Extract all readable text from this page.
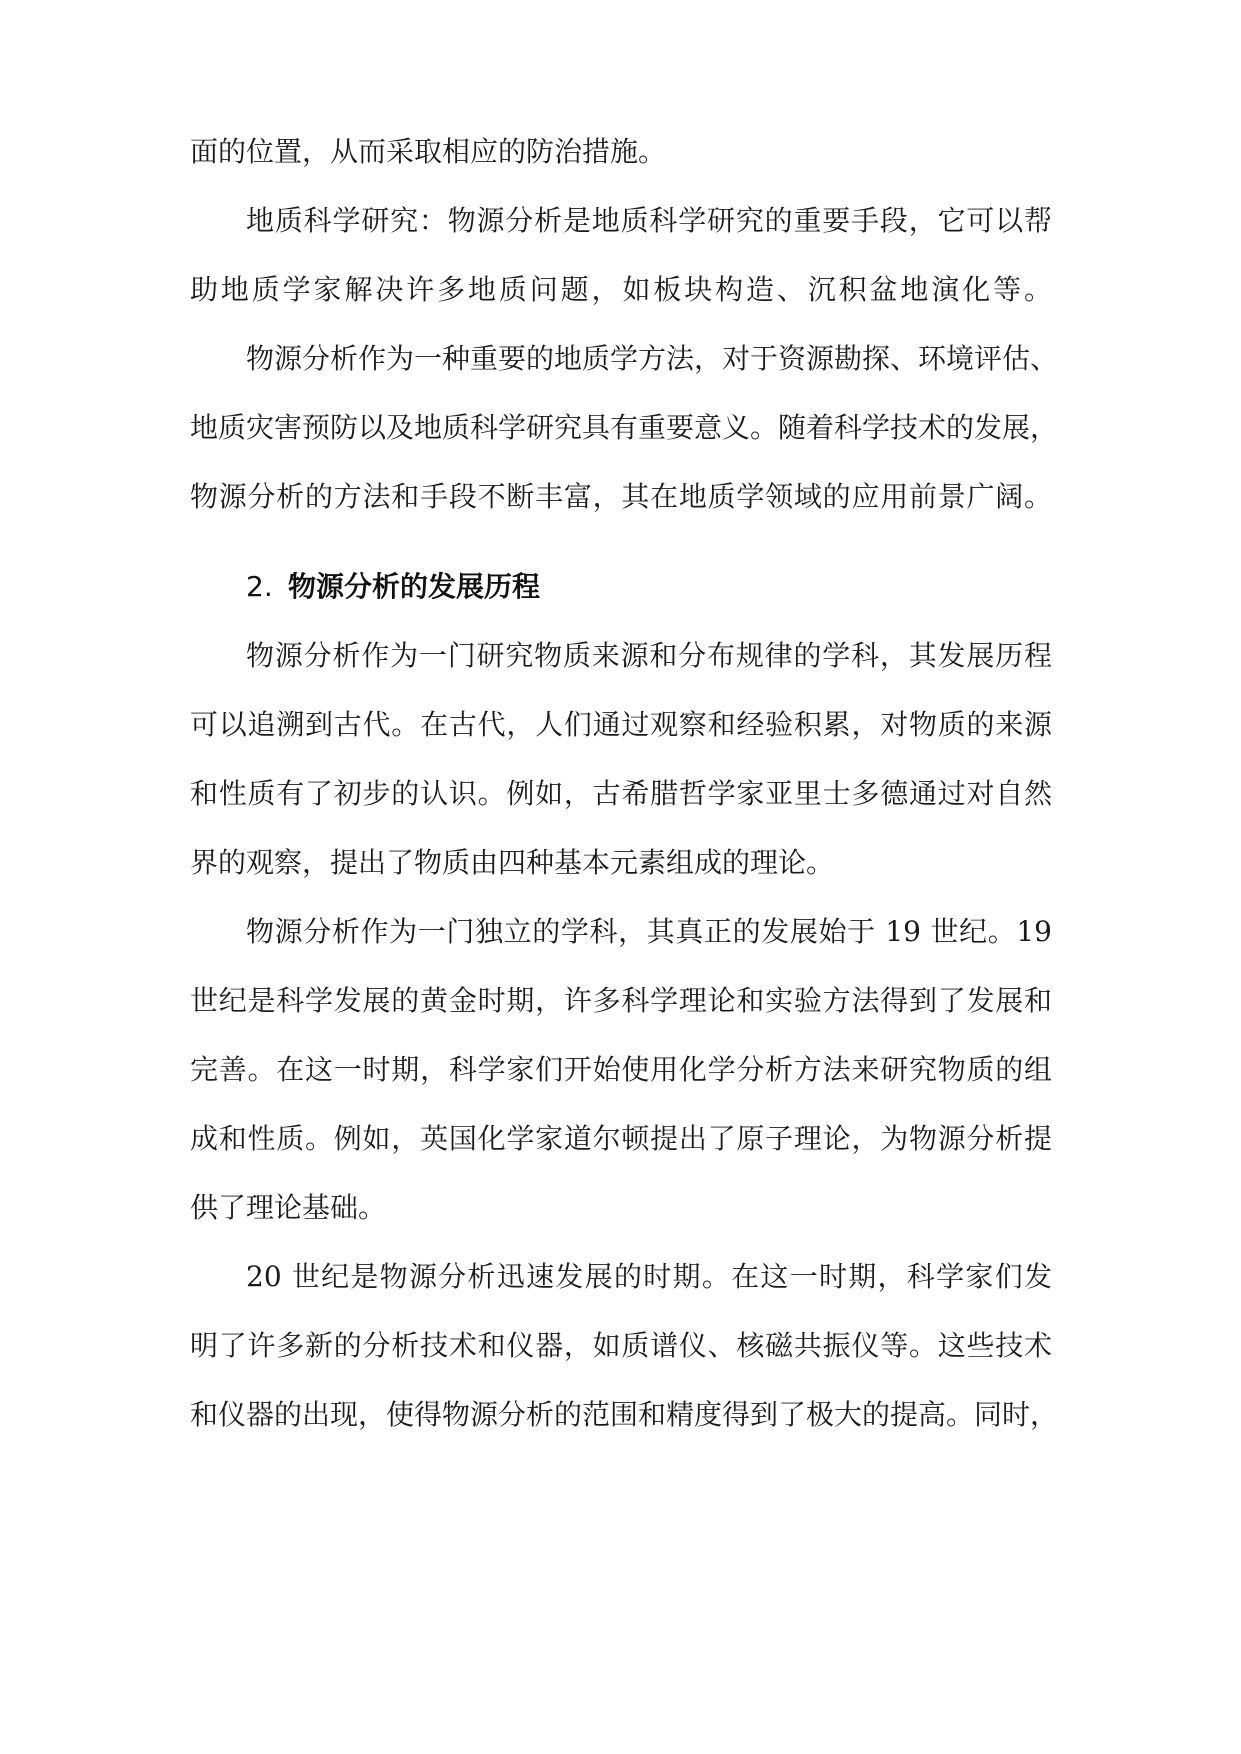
面的位置，从而采取相应的防治措施。
地质科学研究：物源分析是地质科学研究的重要手段，它可以帮
助地质学家解决许多地质问题，如板块构造、沉积盆地演化等。
物源分析作为一种重要的地质学方法，对于资源勘探、环境评估、
地质灾害预防以及地质科学研究具有重要意义。随着科学技术的发展，
物源分析的方法和手段不断丰富，其在地质学领域的应用前景广阔。
2. 物源分析的发展历程
物源分析作为一门研究物质来源和分布规律的学科，其发展历程
可以追溯到古代。在古代，人们通过观察和经验积累，对物质的来源
和性质有了初步的认识。例如，古希腊哲学家亚里士多德通过对自然
界的观察，提出了物质由四种基本元素组成的理论。
物源分析作为一门独立的学科，其真正的发展始于 19 世纪。19
世纪是科学发展的黄金时期，许多科学理论和实验方法得到了发展和
完善。在这一时期，科学家们开始使用化学分析方法来研究物质的组
成和性质。例如，英国化学家道尔顿提出了原子理论，为物源分析提
供了理论基础。
20 世纪是物源分析迅速发展的时期。在这一时期，科学家们发
明了许多新的分析技术和仪器，如质谱仪、核磁共振仪等。这些技术
和仪器的出现，使得物源分析的范围和精度得到了极大的提高。同时，
